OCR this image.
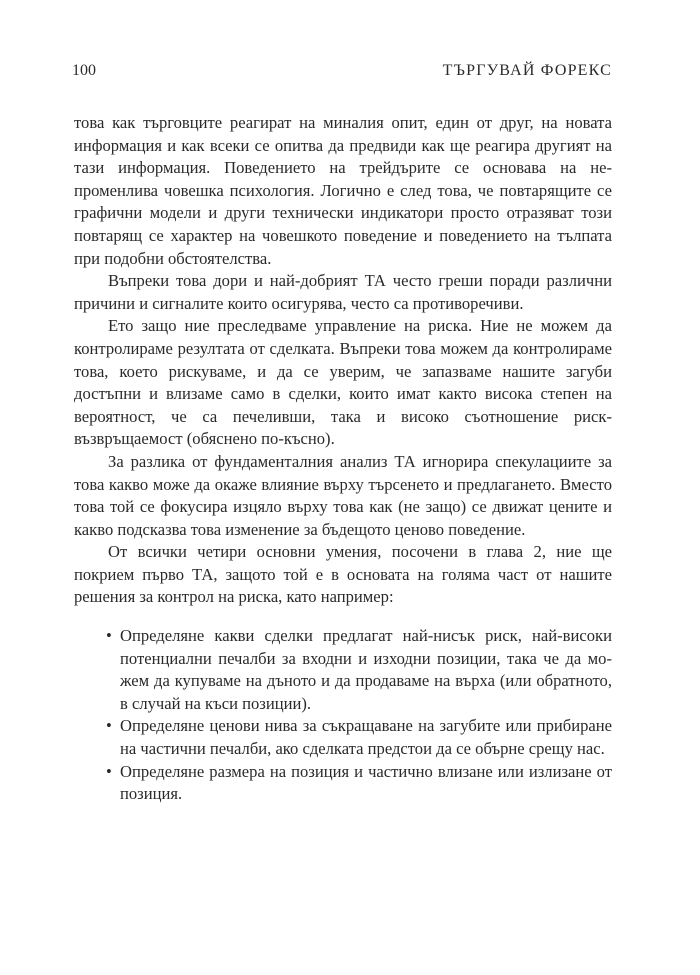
100	ТЪРГУВАЙ ФОРЕКС

това как търговците реагират на миналия опит, един от друг, на новата информация и как всеки се опитва да предвиди как ще реагира другият на тази информация. Поведението на трейдърите се основава на непроменлива човешка психология. Логично е след това, че повтарящите се графични модели и други технически индикатори просто отразяват този повтарящ се характер на човешкото поведение и поведението на тълпата при подобни обстоятелства.

Въпреки това дори и най-добрият ТА често греши поради различни причини и сигналите които осигурява, често са противоречиви.

Ето защо ние преследваме управление на риска. Ние не можем да контролираме резултата от сделката. Въпреки това можем да контролираме това, което рискуваме, и да се уверим, че запазваме нашите загуби достъпни и влизаме само в сделки, които имат както висока степен на вероятност, че са печеливши, така и високо съотношение риск-възвръщаемост (обяснено по-късно).

За разлика от фундаменталния анализ ТА игнорира спекулациите за това какво може да окаже влияние върху търсенето и предлагането. Вместо това той се фокусира изцяло върху това как (не защо) се движат цените и какво подсказва това изменение за бъдещото ценово поведение.

От всички четири основни умения, посочени в глава 2, ние ще покрием първо ТА, защото той е в основата на голяма част от нашите решения за контрол на риска, като например:

• Определяне какви сделки предлагат най-нисък риск, най-високи потенциални печалби за входни и изходни позиции, така че да можем да купуваме на дъното и да продаваме на върха (или обратното, в случай на къси позиции).
• Определяне ценови нива за съкращаване на загубите или прибиране на частични печалби, ако сделката предстои да се обърне срещу нас.
• Определяне размера на позиция и частично влизане или излизане от позиция.
